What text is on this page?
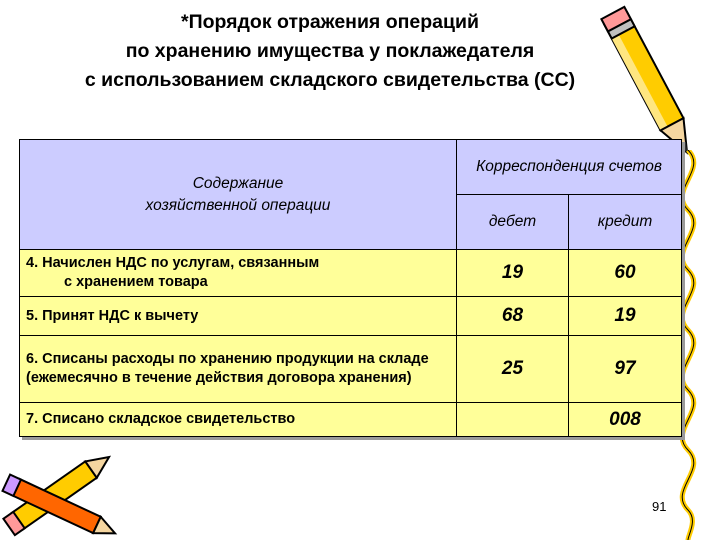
*Порядок отражения операций
по хранению имущества у поклажедателя
с использованием складского свидетельства (СС)
Содержание
хозяйственной операции	Корреспонденция счетов	
	дебет	кредит

4. Начислен НДС по услугам, связанным
с хранением товара	19	60
5. Принят НДС к вычету	68	19
6. Списаны расходы по хранению продукции на складе (ежемесячно в течение действия договора хранения)	25	97
7. Списано складское свидетельство		008
91
